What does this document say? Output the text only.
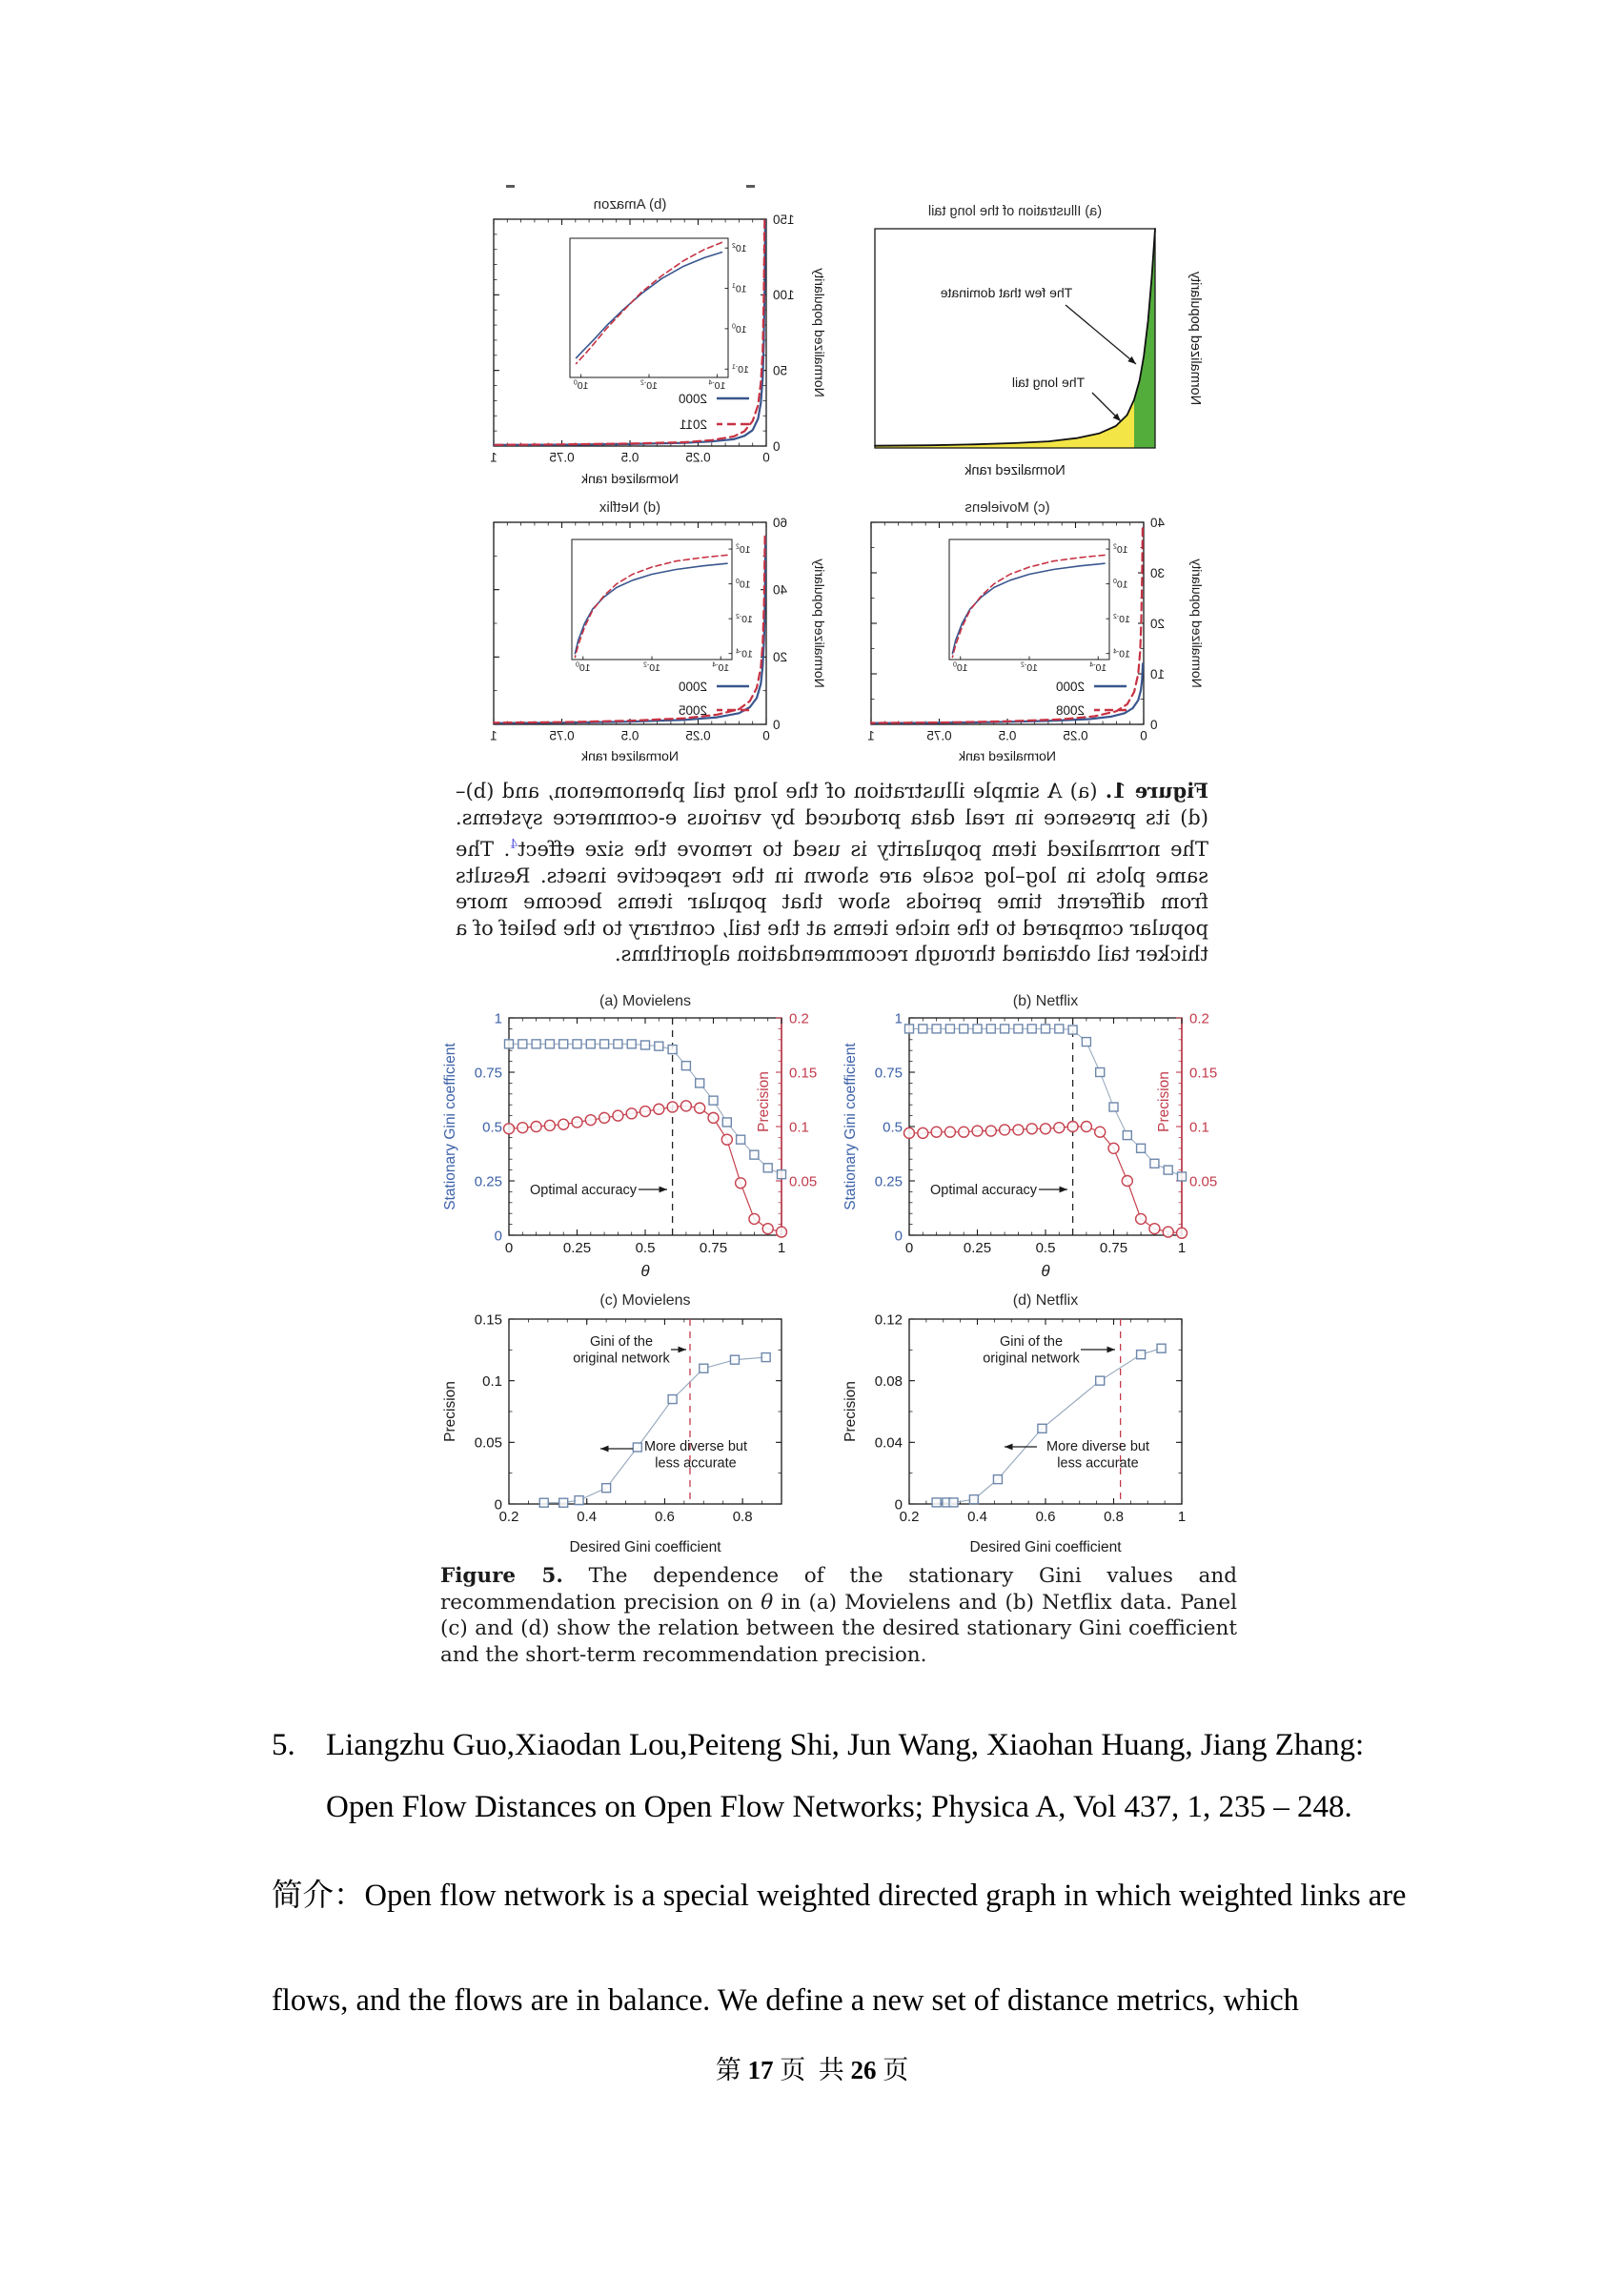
The few that dominate
The long tail
(a) Illustration of the long tail
Normalized rank
Normalized popularity
0
0.25
0.5
0.75
1
0
50
100
150
(b) Amazon
Normalized rank
Normalized popularity
2000
2011
$10^{-4}$
$10^{-2}$
$10^0$
$10^2$
$10^1$
$10^0$
$10^{-1}$
0
0.25
0.5
0.75
1
0
10
20
30
40
(c) Movielens
Normalized rank
Normalized popularity
2000
2008
$10^{-4}$
$10^{-2}$
$10^0$
$10^2$
$10^0$
$10^{-2}$
$10^{-4}$
0
0.25
0.5
0.75
1
0
20
40
60
(d) Netflix
Normalized rank
Normalized popularity
2000
2005
$10^{-4}$
$10^{-2}$
$10^0$
$10^2$
$10^0$
$10^{-2}$
$10^{-4}$
Figure 1. (a) A simple illustration of the long tail phenomenon, and (b)–(d) its presence in real data produced by various e-commerce systems. The normalized item popularity is used to remove the size effect$^4$. The same plots in log–log scale are shown in the respective insets. Results from different time periods show that popular items become more popular compared to the niche items at the tail, contrary to the belief of a thicker tail obtained through recommendation algorithms.
0	0.25	0.5	0.75	1
0
0.25
0.5
0.75
1
0.05
0.1
0.15
0.2
Optimal accuracy
(a) Movielens
θ
Stationary Gini coefficient	Precision
0	0.25	0.5	0.75	1
0
0.25
0.5
0.75
1
0.05
0.1
0.15
0.2
Optimal accuracy
(b) Netflix
θ
Stationary Gini coefficient	Precision
0.2	0.4	0.6	0.8
0
0.05
0.1
0.15
Gini of the original network
More diverse but less accurate
(c) Movielens
Desired Gini coefficient
Precision
0.2	0.4	0.6	0.8	1
0
0.04
0.08
0.12
Gini of the original network
More diverse but less accurate
(d) Netflix
Desired Gini coefficient
Precision
Figure 5. The dependence of the stationary Gini values and recommendation precision on θ in (a) Movielens and (b) Netflix data. Panel (c) and (d) show the relation between the desired stationary Gini coefficient and the short-term recommendation precision.
5. Liangzhu Guo,Xiaodan Lou,Peiteng Shi, Jun Wang, Xiaohan Huang, Jiang Zhang: Open Flow Distances on Open Flow Networks; Physica A, Vol 437, 1, 235 – 248.
简介：Open flow network is a special weighted directed graph in which weighted links are flows, and the flows are in balance. We define a new set of distance metrics, which
第 17 页  共 26 页
